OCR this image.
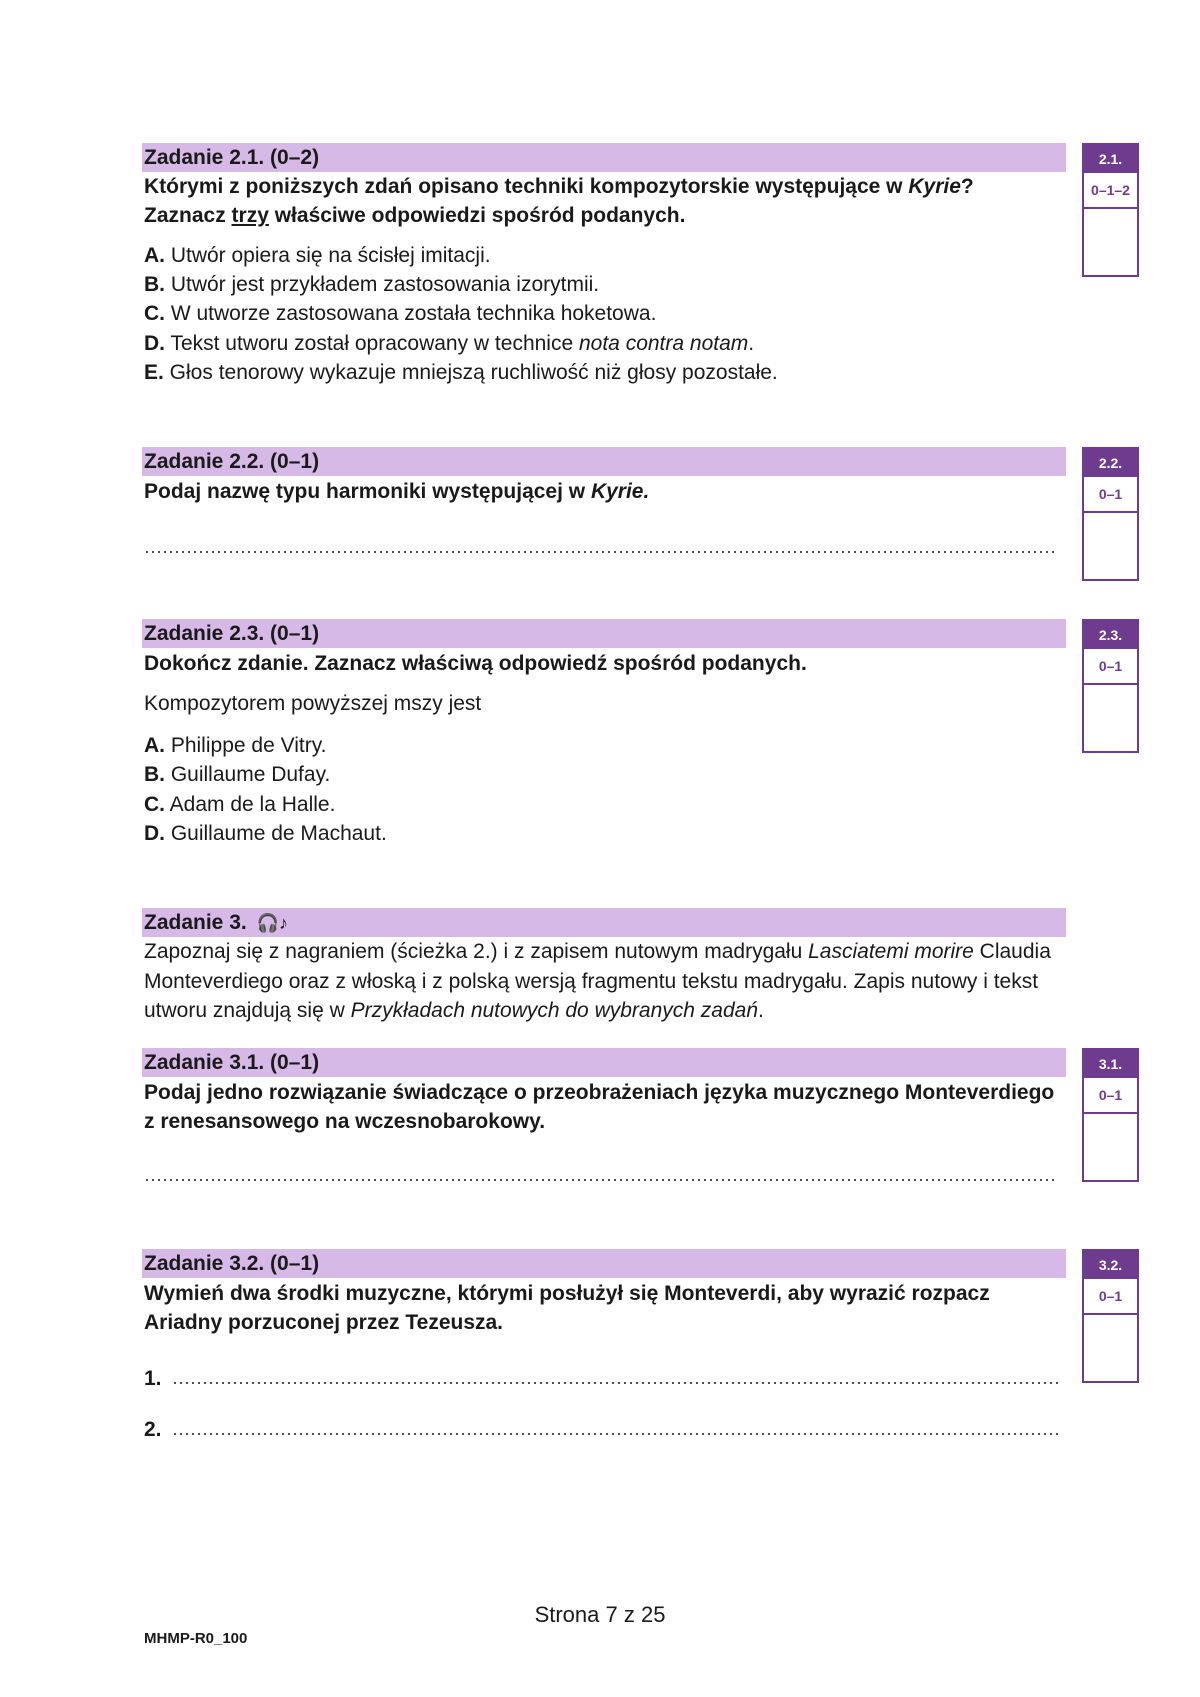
Zadanie 2.1. (0–2)
Którymi z poniższych zdań opisano techniki kompozytorskie występujące w Kyrie?
Zaznacz trzy właściwe odpowiedzi spośród podanych.
A. Utwór opiera się na ścisłej imitacji.
B. Utwór jest przykładem zastosowania izorytmii.
C. W utworze zastosowana została technika hoketowa.
D. Tekst utworu został opracowany w technice nota contra notam.
E. Głos tenorowy wykazuje mniejszą ruchliwość niż głosy pozostałe.
2.1.
0–1–2
Zadanie 2.2. (0–1)
Podaj nazwę typu harmoniki występującej w Kyrie.
2.2.
0–1
Zadanie 2.3. (0–1)
Dokończ zdanie. Zaznacz właściwą odpowiedź spośród podanych.
Kompozytorem powyższej mszy jest
A. Philippe de Vitry.
B. Guillaume Dufay.
C. Adam de la Halle.
D. Guillaume de Machaut.
2.3.
0–1
Zadanie 3. 🎧♪
Zapoznaj się z nagraniem (ścieżka 2.) i z zapisem nutowym madrygału Lasciatemi morire Claudia Monteverdiego oraz z włoską i z polską wersją fragmentu tekstu madrygału. Zapis nutowy i tekst utworu znajdują się w Przykładach nutowych do wybranych zadań.
Zadanie 3.1. (0–1)
Podaj jedno rozwiązanie świadczące o przeobrażeniach języka muzycznego Monteverdiego z renesansowego na wczesnobarokowy.
3.1.
0–1
Zadanie 3.2. (0–1)
Wymień dwa środki muzyczne, którymi posłużył się Monteverdi, aby wyrazić rozpacz Ariadny porzuconej przez Tezeusza.
1.
2.
3.2.
0–1
Strona 7 z 25
MHMP-R0_100
